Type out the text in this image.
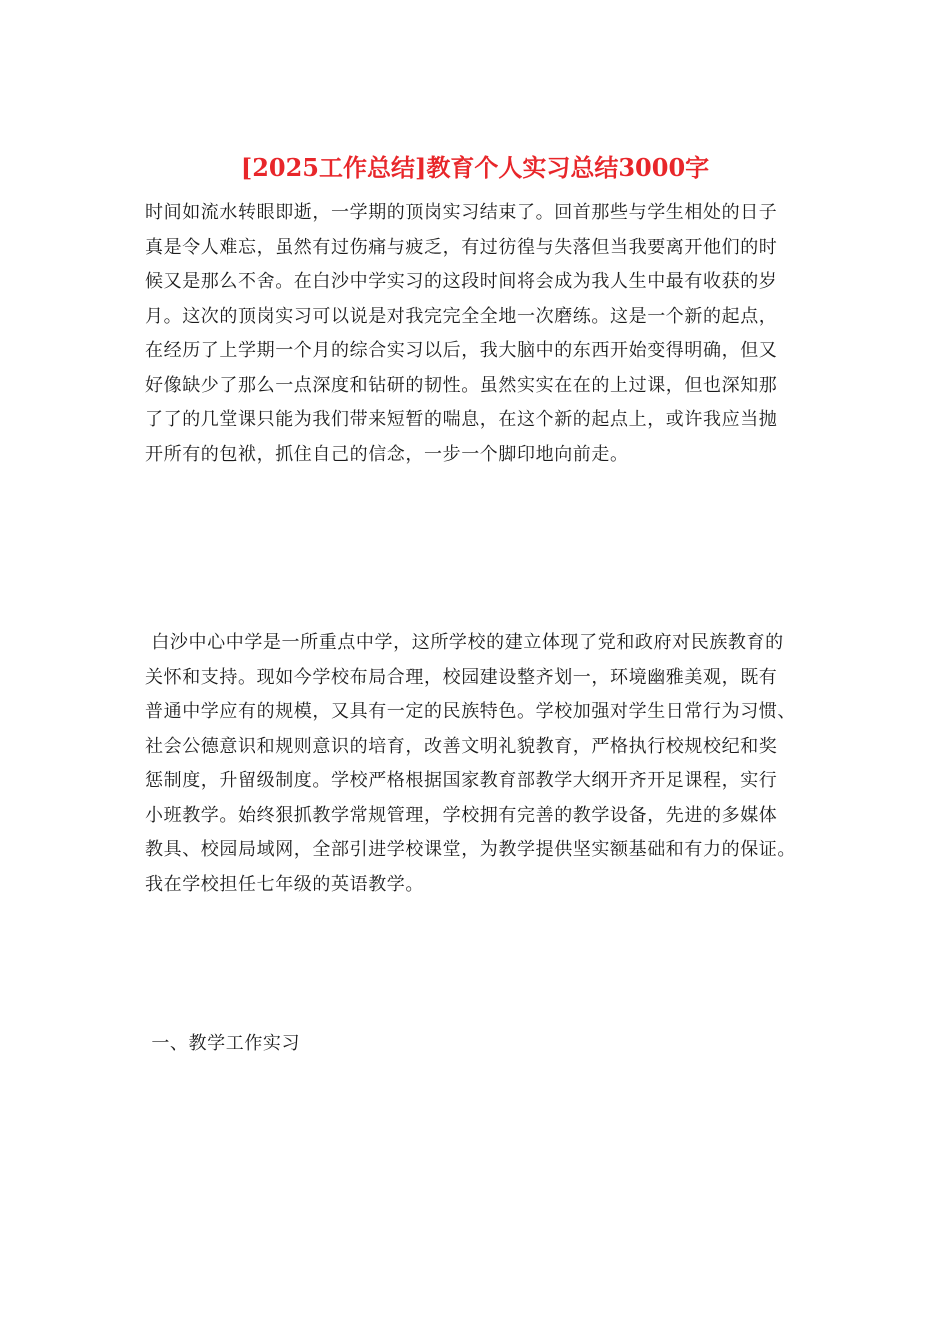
[2025工作总结]教育个人实习总结3000字
时间如流水转眼即逝，一学期的顶岗实习结束了。回首那些与学生相处的日子
真是令人难忘，虽然有过伤痛与疲乏，有过彷徨与失落但当我要离开他们的时
候又是那么不舍。在白沙中学实习的这段时间将会成为我人生中最有收获的岁
月。这次的顶岗实习可以说是对我完完全全地一次磨练。这是一个新的起点，
在经历了上学期一个月的综合实习以后，我大脑中的东西开始变得明确，但又
好像缺少了那么一点深度和钻研的韧性。虽然实实在在的上过课，但也深知那
了了的几堂课只能为我们带来短暂的喘息，在这个新的起点上，或许我应当抛
开所有的包袱，抓住自己的信念，一步一个脚印地向前走。
白沙中心中学是一所重点中学，这所学校的建立体现了党和政府对民族教育的
关怀和支持。现如今学校布局合理，校园建设整齐划一，环境幽雅美观，既有
普通中学应有的规模，又具有一定的民族特色。学校加强对学生日常行为习惯、
社会公德意识和规则意识的培育，改善文明礼貌教育，严格执行校规校纪和奖
惩制度，升留级制度。学校严格根据国家教育部教学大纲开齐开足课程，实行
小班教学。始终狠抓教学常规管理，学校拥有完善的教学设备，先进的多媒体
教具、校园局域网，全部引进学校课堂，为教学提供坚实额基础和有力的保证。
我在学校担任七年级的英语教学。

一、教学工作实习
